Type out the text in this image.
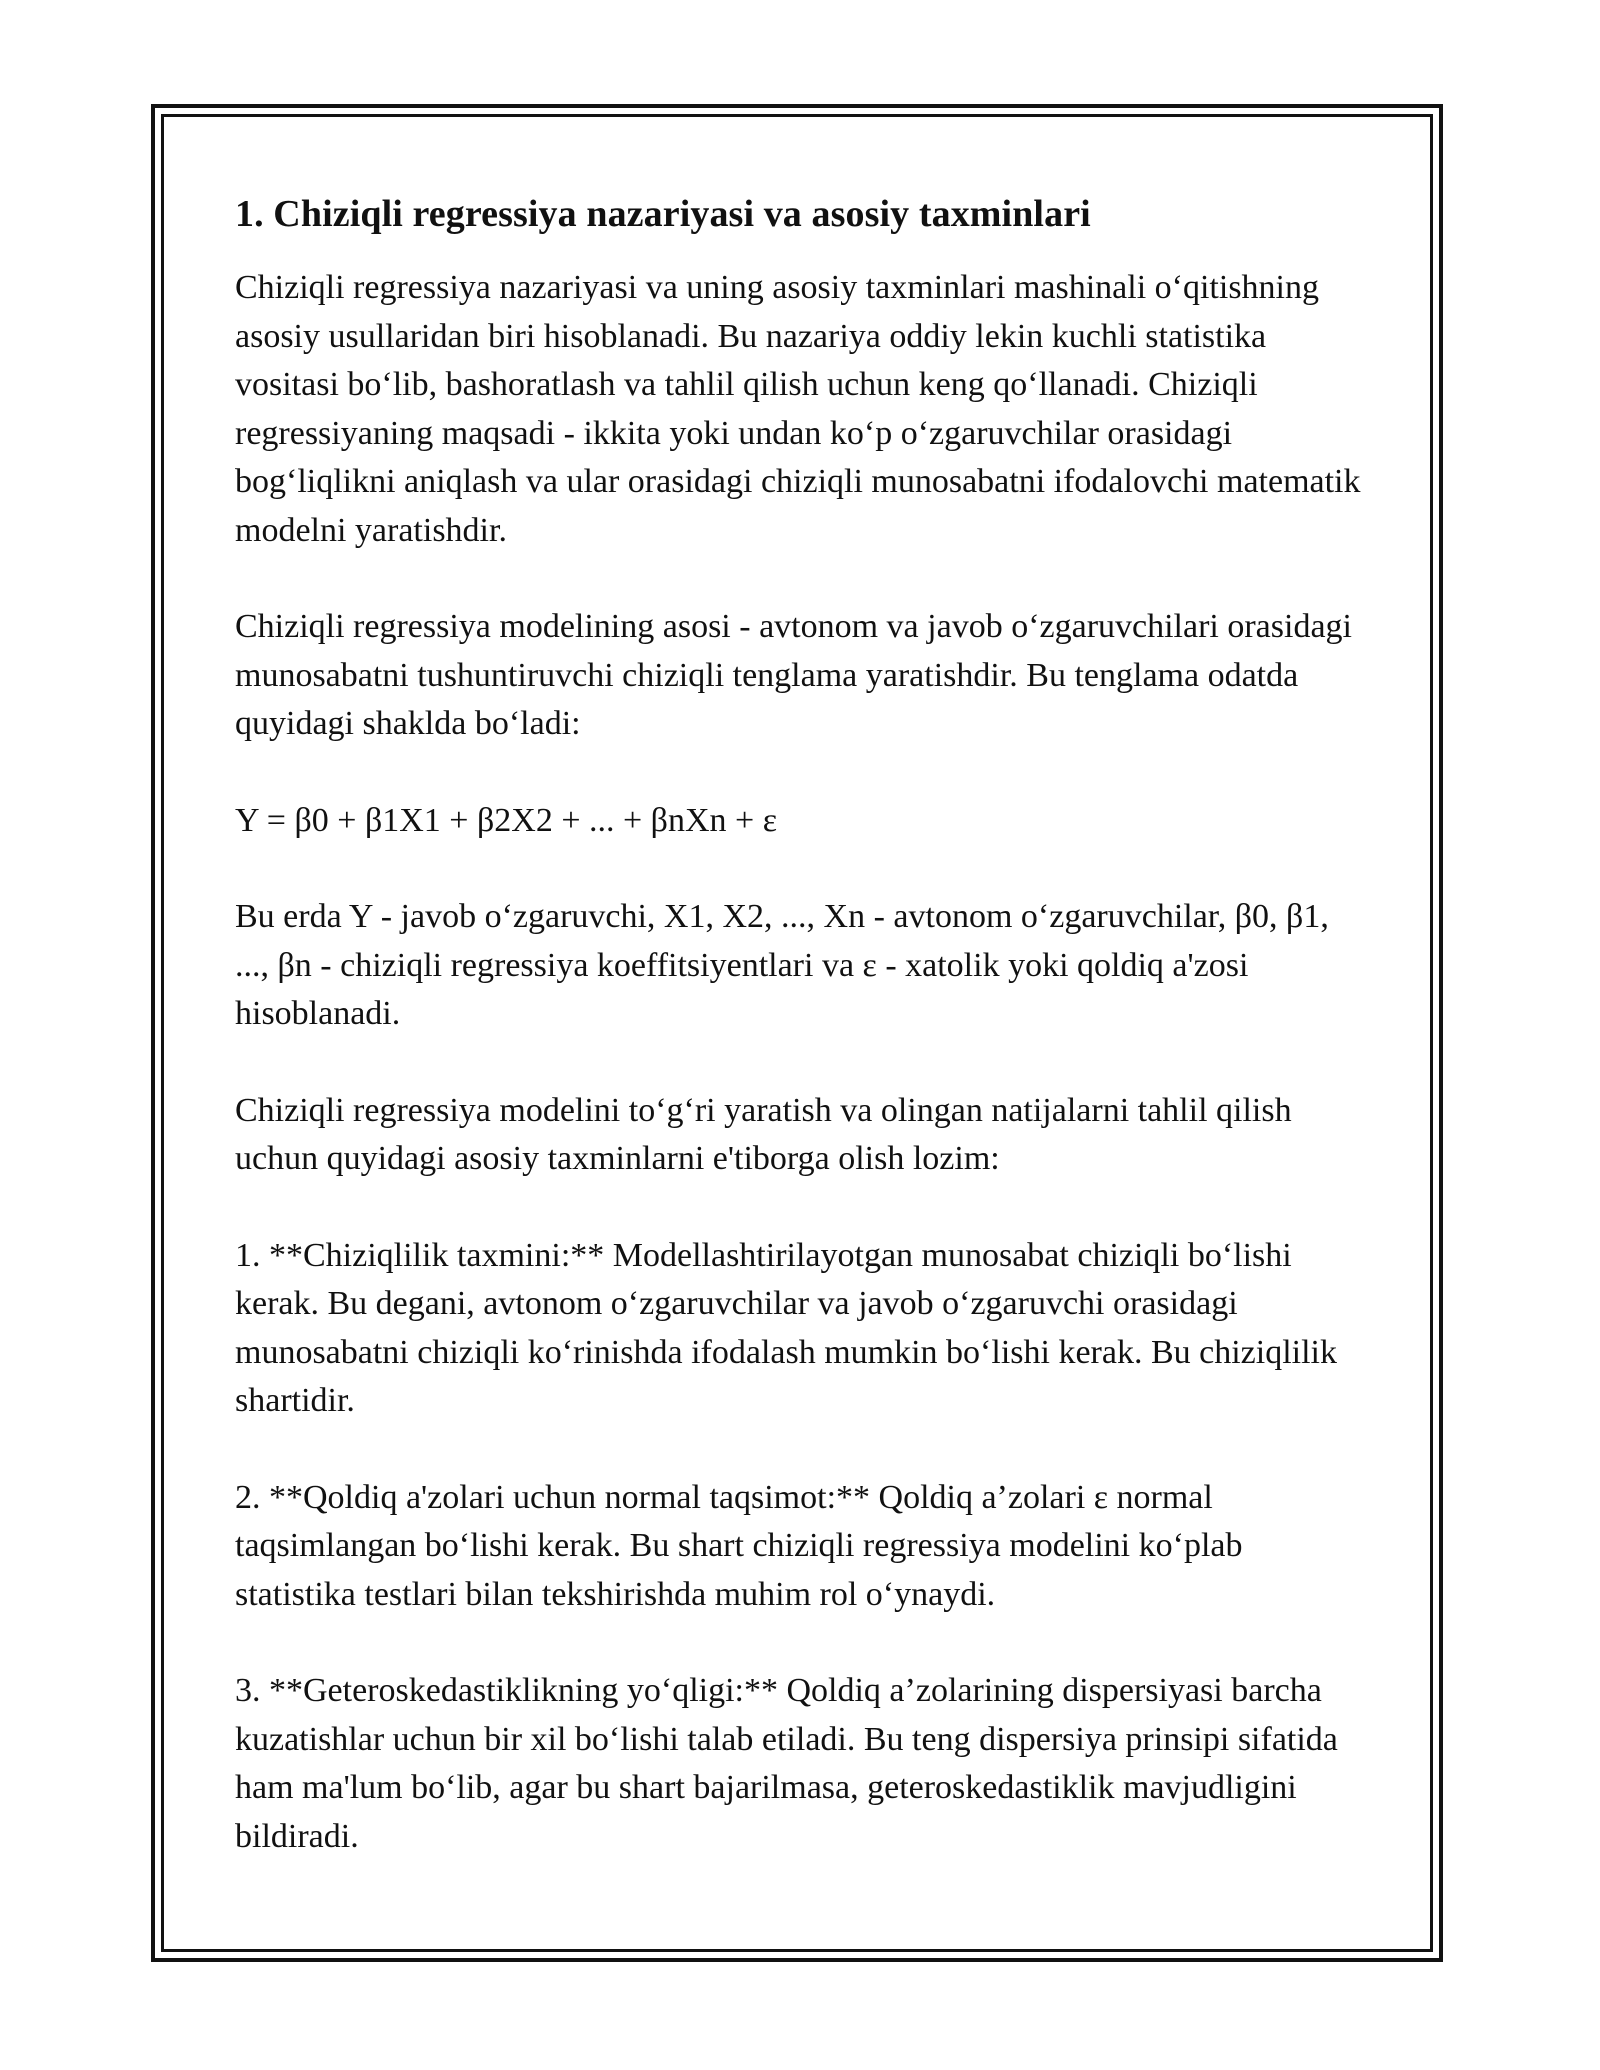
1. Chiziqli regressiya nazariyasi va asosiy taxminlari

Chiziqli regressiya nazariyasi va uning asosiy taxminlari mashinali o‘qitishning asosiy usullaridan biri hisoblanadi. Bu nazariya oddiy lekin kuchli statistika vositasi bo‘lib, bashoratlash va tahlil qilish uchun keng qo‘llanadi. Chiziqli regressiyaning maqsadi - ikkita yoki undan ko‘p o‘zgaruvchilar orasidagi bog‘liqlikni aniqlash va ular orasidagi chiziqli munosabatni ifodalovchi matematik modelni yaratishdir.

Chiziqli regressiya modelining asosi - avtonom va javob o‘zgaruvchilari orasidagi munosabatni tushuntiruvchi chiziqli tenglama yaratishdir. Bu tenglama odatda quyidagi shaklda bo‘ladi:

Y = β0 + β1X1 + β2X2 + ... + βnXn + ε

Bu erda Y - javob o‘zgaruvchi, X1, X2, ..., Xn - avtonom o‘zgaruvchilar, β0, β1, ..., βn - chiziqli regressiya koeffitsiyentlari va ε - xatolik yoki qoldiq a'zosi hisoblanadi.

Chiziqli regressiya modelini to‘g‘ri yaratish va olingan natijalarni tahlil qilish uchun quyidagi asosiy taxminlarni e'tiborga olish lozim:

1. **Chiziqlilik taxmini:** Modellashtirilayotgan munosabat chiziqli bo‘lishi kerak. Bu degani, avtonom o‘zgaruvchilar va javob o‘zgaruvchi orasidagi munosabatni chiziqli ko‘rinishda ifodalash mumkin bo‘lishi kerak. Bu chiziqlilik shartidir.

2. **Qoldiq a'zolari uchun normal taqsimot:** Qoldiq a’zolari ε normal taqsimlangan bo‘lishi kerak. Bu shart chiziqli regressiya modelini ko‘plab statistika testlari bilan tekshirishda muhim rol o‘ynaydi.

3. **Geteroskedastiklikning yo‘qligi:** Qoldiq a’zolarining dispersiyasi barcha kuzatishlar uchun bir xil bo‘lishi talab etiladi. Bu teng dispersiya prinsipi sifatida ham ma'lum bo‘lib, agar bu shart bajarilmasa, geteroskedastiklik mavjudligini bildiradi.
